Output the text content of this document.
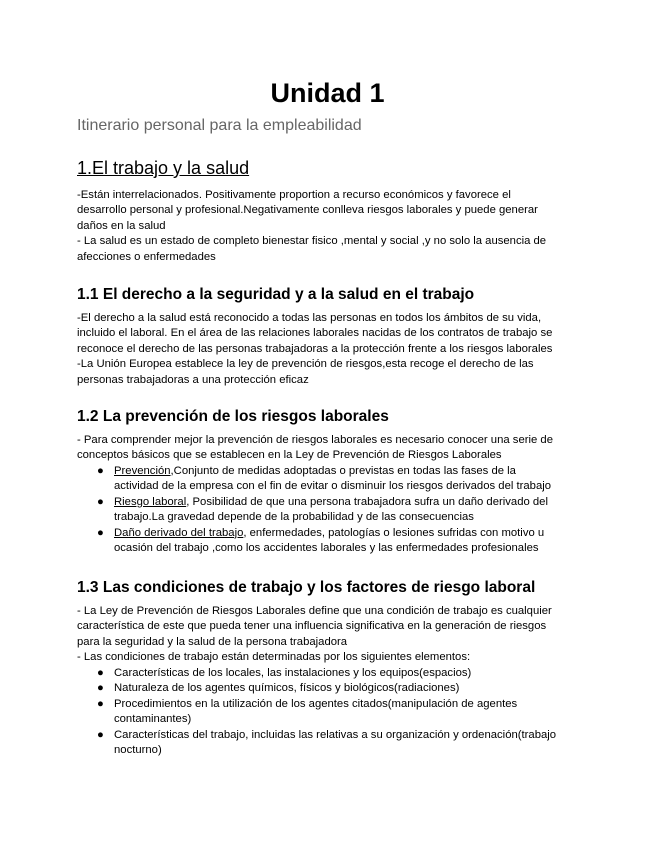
Unidad 1
Itinerario personal para la empleabilidad
1.El trabajo y la salud

-Están interrelacionados. Positivamente proportion a recurso económicos y favorece el

desarrollo personal y profesional.Negativamente conlleva riesgos laborales y puede generar

daños en la salud

- La salud es un estado de completo bienestar fisico ,mental y social ,y no solo la ausencia de

afecciones o enfermedades

1.1 El derecho a la seguridad y a la salud en el trabajo

-El derecho a la salud está reconocido a todas las personas en todos los ámbitos de su vida,

incluido el laboral. En el área de las relaciones laborales nacidas de los contratos de trabajo se

reconoce el derecho de las personas trabajadoras a la protección frente a los riesgos laborales

-La Unión Europea establece la ley de prevención de riesgos,esta recoge el derecho de las

personas trabajadoras a una protección eficaz

1.2 La prevención de los riesgos laborales

- Para comprender mejor la prevención de riesgos laborales es necesario conocer una serie de

conceptos básicos que se establecen en la Ley de Prevención de Riesgos Laborales

● Prevención,Conjunto de medidas adoptadas o previstas en todas las fases de la
actividad de la empresa con el fin de evitar o disminuir los riesgos derivados del trabajo
● Riesgo laboral, Posibilidad de que una persona trabajadora sufra un daño derivado del
trabajo.La gravedad depende de la probabilidad y de las consecuencias
● Daño derivado del trabajo, enfermedades, patologías o lesiones sufridas con motivo u
ocasión del trabajo ,como los accidentes laborales y las enfermedades profesionales
1.3 Las condiciones de trabajo y los factores de riesgo laboral

- La Ley de Prevención de Riesgos Laborales define que una condición de trabajo es cualquier

característica de este que pueda tener una influencia significativa en la generación de riesgos

para la seguridad y la salud de la persona trabajadora

- Las condiciones de trabajo están determinadas por los siguientes elementos:

● Características de los locales, las instalaciones y los equipos(espacios)
● Naturaleza de los agentes químicos, físicos y biológicos(radiaciones)
● Procedimientos en la utilización de los agentes citados(manipulación de agentes
contaminantes)
● Características del trabajo, incluidas las relativas a su organización y ordenación(trabajo
nocturno)
